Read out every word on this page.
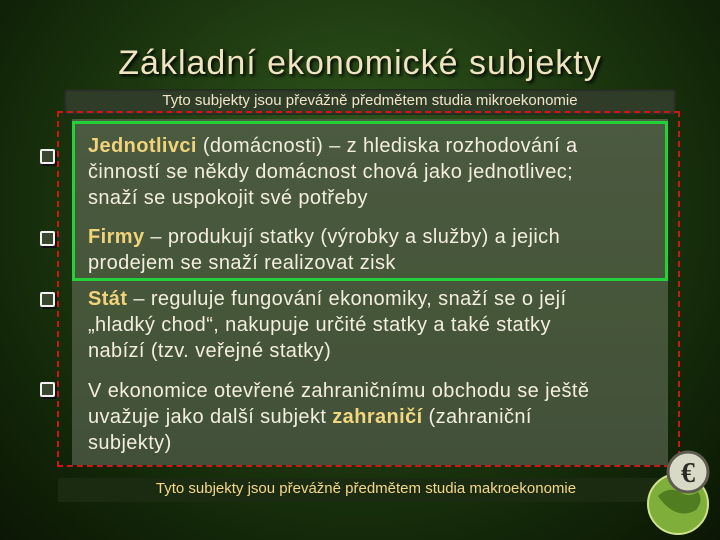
Základní ekonomické subjekty
Tyto subjekty jsou převážně předmětem studia mikroekonomie
Jednotlivci (domácnosti) – z hlediska rozhodování a
činností se někdy domácnost chová jako jednotlivec;
snaží se uspokojit své potřeby
Firmy – produkují statky (výrobky a služby) a jejich
prodejem se snaží realizovat zisk
Stát – reguluje fungování ekonomiky, snaží se o její
„hladký chod“, nakupuje určité statky a také statky
nabízí (tzv. veřejné statky)
V ekonomice otevřené zahraničnímu obchodu se ještě
uvažuje jako další subjekt zahraničí (zahraniční
subjekty)
Tyto subjekty jsou převážně předmětem studia makroekonomie	€
